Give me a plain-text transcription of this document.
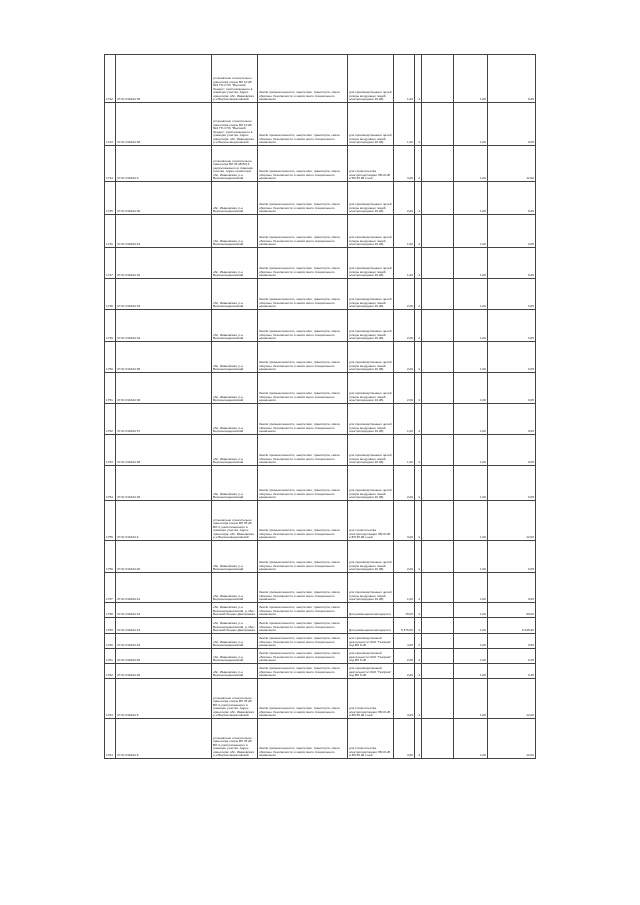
1742	37:01:010442:35	установлено относительно ориентира опоры ВЛ 10 кВ №4 ТП-4 ПС "Высокий Лендех", расположенного в границах участка. Адрес ориентира: обл. Ивановская, р-н Верхнеландеховский	Земли промышленности, энергетики, транспорта, связи, обороны, безопасности и земли иного специального назначения	для производственных целей (опоры воздушных линий электропередачи 10 кВ)	1,00	4		1,00	0,05
1743	37:01:010442:36	установлено относительно ориентира опоры ВЛ 10 кВ №4 ТП-4 ПС "Высокий Лендех", расположенного в границах участка. Адрес ориентира: обл. Ивановская, р-н Верхнеландеховский	Земли промышленности, энергетики, транспорта, связи, обороны, безопасности и земли иного специального назначения	для производственных целей (опоры воздушных линий электропередачи 10 кВ)	1,00	4		1,00	0,05
1744	37:01:010442:3	установлено относительно ориентира ВЛ 35 кВ ВЛ-3, расположенного в границах участка. Адрес ориентира: обл. Ивановская, р-н Верхнеландеховский	Земли промышленности, энергетики, транспорта, связи, обороны, безопасности и земли иного специального назначения	для строительства электроподстанции 35/10 кВ и ВЛ 35 кВ к ней	3,00	4		1,00	12,00
1745	37:01:010442:30	обл. Ивановская, р-н Верхнеландеховский	Земли промышленности, энергетики, транспорта, связи, обороны, безопасности и земли иного специального назначения	для производственных целей (опоры воздушных линий электропередачи 10 кВ)	2,00	4		1,00	0,05
1746	37:01:010442:31	обл. Ивановская, р-н Верхнеландеховский	Земли промышленности, энергетики, транспорта, связи, обороны, безопасности и земли иного специального назначения	для производственных целей (опоры воздушных линий электропередачи 10 кВ)	1,00	4		1,00	0,05
1747	37:01:010442:32	обл. Ивановская, р-н Верхнеландеховский	Земли промышленности, энергетики, транспорта, связи, обороны, безопасности и земли иного специального назначения	для производственных целей (опоры воздушных линий электропередачи 10 кВ)	1,00	4		1,00	0,05
1748	37:01:010442:33	обл. Ивановская, р-н Верхнеландеховский	Земли промышленности, энергетики, транспорта, связи, обороны, безопасности и земли иного специального назначения	для производственных целей (опоры воздушных линий электропередачи 10 кВ)	2,00	4		1,00	0,05
1749	37:01:010442:34	обл. Ивановская, р-н Верхнеландеховский	Земли промышленности, энергетики, транспорта, связи, обороны, безопасности и земли иного специального назначения	для производственных целей (опоры воздушных линий электропередачи 10 кВ)	2,00	4		1,00	0,05
1750	37:01:010442:35	обл. Ивановская, р-н Верхнеландеховский	Земли промышленности, энергетики, транспорта, связи, обороны, безопасности и земли иного специального назначения	для производственных целей (опоры воздушных линий электропередачи 10 кВ)	2,00	4		1,00	0,05
1751	37:01:010442:36	обл. Ивановская, р-н Верхнеландеховский	Земли промышленности, энергетики, транспорта, связи, обороны, безопасности и земли иного специального назначения	для производственных целей (опоры воздушных линий электропередачи 10 кВ)	2,00	4		1,00	0,05
1752	37:01:010442:37	обл. Ивановская, р-н Верхнеландеховский	Земли промышленности, энергетики, транспорта, связи, обороны, безопасности и земли иного специального назначения	для производственных целей (опоры воздушных линий электропередачи 10 кВ)	1,00	4		1,00	0,05
1753	37:01:010442:38	обл. Ивановская, р-н Верхнеландеховский	Земли промышленности, энергетики, транспорта, связи, обороны, безопасности и земли иного специального назначения	для производственных целей (опоры воздушных линий электропередачи 10 кВ)	1,00	4		1,00	0,05
1754	37:01:010442:39	обл. Ивановская, р-н Верхнеландеховский	Земли промышленности, энергетики, транспорта, связи, обороны, безопасности и земли иного специального назначения	для производственных целей (опоры воздушных линий электропередачи 10 кВ)	2,00	4		1,00	0,05
1755	37:01:010442:4	установлено относительно ориентира опоры ВЛ 35 кВ ВЛ-3, расположенного в границах участка. Адрес ориентира: обл. Ивановская, р-н Верхнеландеховский	Земли промышленности, энергетики, транспорта, связи, обороны, безопасности и земли иного специального назначения	для строительства электроподстанции 35/10 кВ и ВЛ 35 кВ к ней	3,00	4		1,00	12,00
1756	37:01:010442:40	обл. Ивановская, р-н Верхнеландеховский	Земли промышленности, энергетики, транспорта, связи, обороны, безопасности и земли иного специального назначения	для производственных целей (опоры воздушных линий электропередачи 10 кВ)	2,00	4		1,00	0,05
1757	37:01:010442:41	обл. Ивановская, р-н Верхнеландеховский	Земли промышленности, энергетики, транспорта, связи, обороны, безопасности и земли иного специального назначения	для производственных целей (опоры воздушных линий электропередачи 10 кВ)	1,00	4		1,00	0,05
1758	37:01:010442:42	обл. Ивановская, р-н Верхнеландеховский, д. Мыт-Высокий Лендех-Дмитриевка	Земли промышленности, энергетики, транспорта, связи, обороны, безопасности и земли иного специального назначения	Для размещения автодороги	78,00	4		1,00	99,00
1759	37:01:010442:43	обл. Ивановская, р-н Верхнеландеховский, д. Мыт-Высокий Лендех-Дмитриевка	Земли промышленности, энергетики, транспорта, связи, обороны, безопасности и земли иного специального назначения	Для размещения автодороги	5 376,00	4		1,00	6 345,90
1760	37:01:010442:44	обл. Ивановская, р-н Верхнеландеховский	Земли промышленности, энергетики, транспорта, связи, обороны, безопасности и земли иного специального назначения	для производственной деятельности ОАО "Газпром" под ВЛ 6 кВ	4,00	4		1,00	0,50
1761	37:01:010442:45	обл. Ивановская, р-н Верхнеландеховский	Земли промышленности, энергетики, транспорта, связи, обороны, безопасности и земли иного специального назначения	для производственной деятельности ОАО "Газпром" под ВЛ 6 кВ	2,00	4		1,00	0,25
1762	37:01:010442:46	обл. Ивановская, р-н Верхнеландеховский	Земли промышленности, энергетики, транспорта, связи, обороны, безопасности и земли иного специального назначения	для производственной деятельности ОАО "Газпром" под ВЛ 6 кВ	2,00	4		1,00	0,25
1763	37:01:010442:5	установлено относительно ориентира опоры ВЛ 35 кВ ВЛ-3, расположенного в границах участка. Адрес ориентира: обл. Ивановская, р-н Верхнеландеховский	Земли промышленности, энергетики, транспорта, связи, обороны, безопасности и земли иного специального назначения	для строительства электроподстанции 35/10 кВ и ВЛ 35 кВ к ней	3,00	4		1,00	12,00
1764	37:01:010442:6	установлено относительно ориентира опоры ВЛ 35 кВ ВЛ-3, расположенного в границах участка. Адрес ориентира: обл. Ивановская, р-н Верхнеландеховский	Земли промышленности, энергетики, транспорта, связи, обороны, безопасности и земли иного специального назначения	для строительства электроподстанции 35/10 кВ и ВЛ 35 кВ к ней	3,00	4		1,00	12,00
